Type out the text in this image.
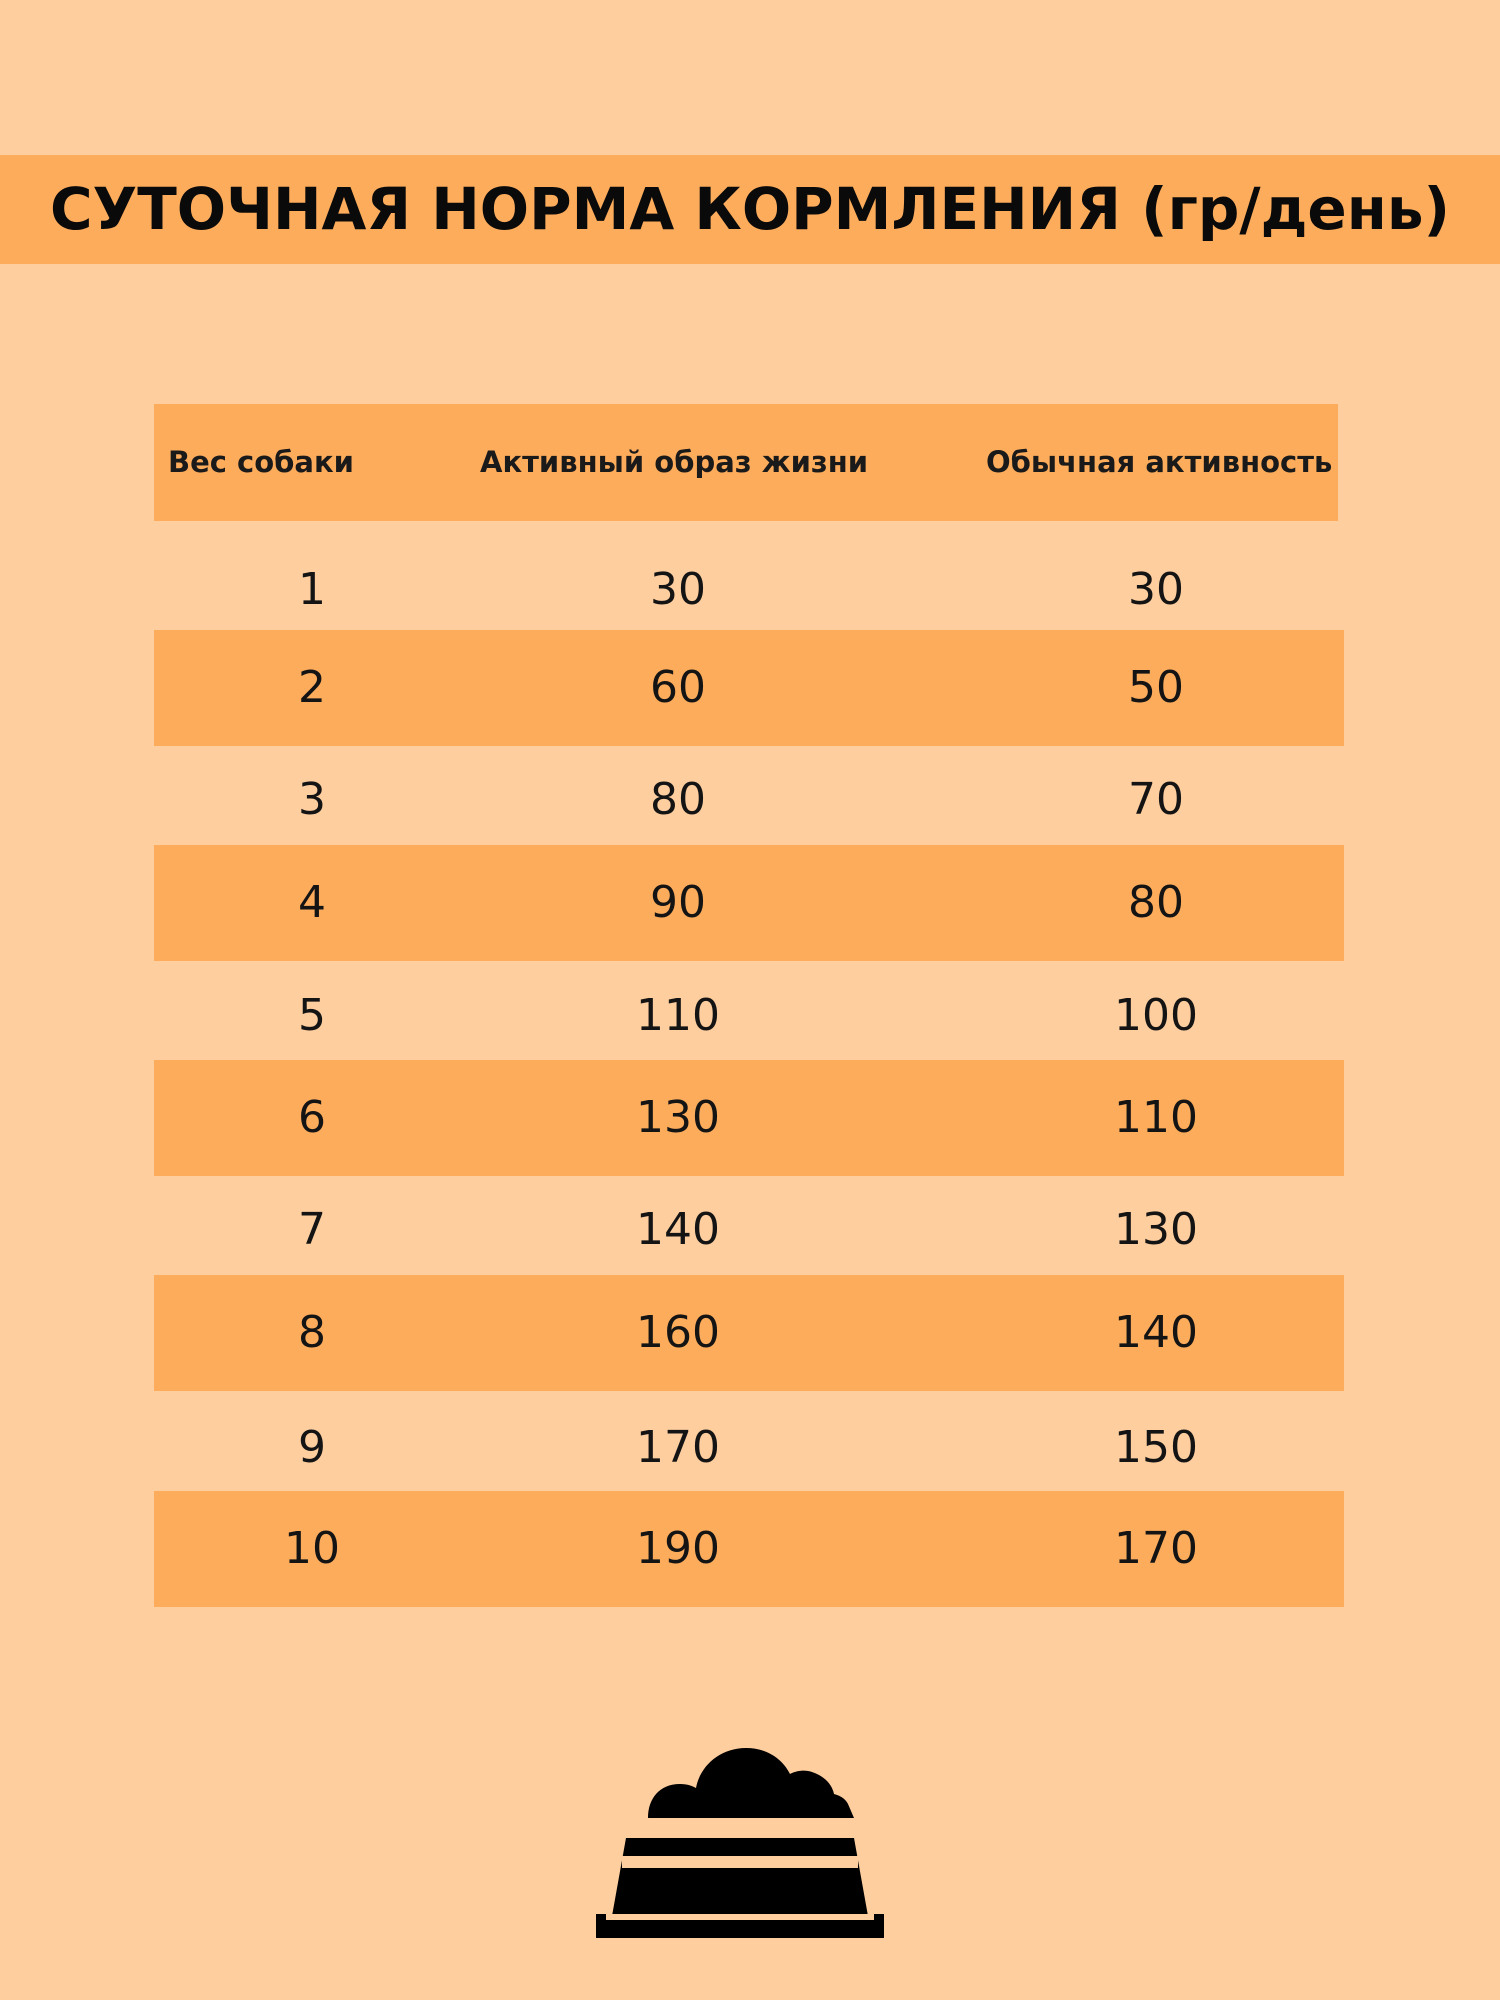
СУТОЧНАЯ НОРМА КОРМЛЕНИЯ (гр/день)
Вес собаки	Активный образ жизни	Обычная активность
1	30	30
2	60	50
3	80	70
4	90	80
5	110	100
6	130	110
7	140	130
8	160	140
9	170	150
10	190	170
